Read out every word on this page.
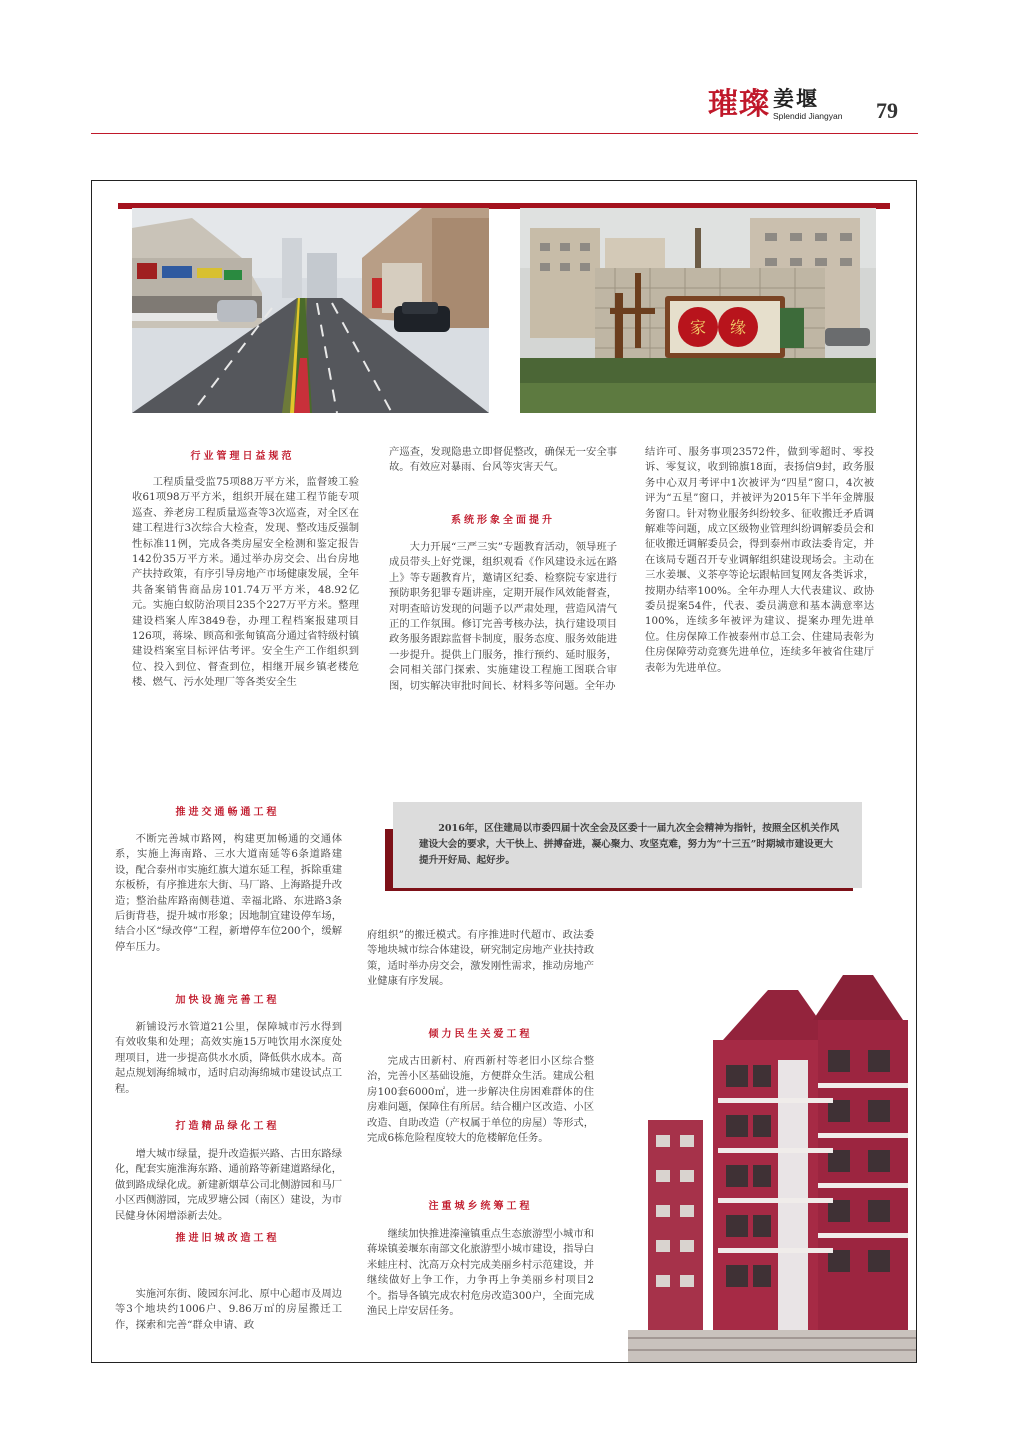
璀璨 姜堰
Splendid Jiangyan 79
家 缘
行业管理日益规范

工程质量受监75项88万平方米，监督竣工验收61项98万平方米，组织开展在建工程节能专项巡查、养老房工程质量巡查等3次巡查，对全区在建工程进行3次综合大检查，发现、整改违反强制性标准11例，完成各类房屋安全检测和鉴定报告142份35万平方米。通过举办房交会、出台房地产扶持政策，有序引导房地产市场健康发展，全年共备案销售商品房101.74万平方米，48.92亿元。实施白蚁防治项目235个227万平方米。整理建设档案人库3849卷，办理工程档案报建项目126项，蒋垛、顾高和张甸镇高分通过省特级村镇建设档案室目标评估考评。安全生产工作组织到位、投入到位、督查到位，相继开展乡镇老楼危楼、燃气、污水处理厂等各类安全生

产巡查，发现隐患立即督促整改，确保无一安全事故。有效应对暴雨、台风等灾害天气。

系统形象全面提升

大力开展“三严三实”专题教育活动，领导班子成员带头上好党课，组织观看《作风建设永远在路上》等专题教育片，邀请区纪委、检察院专家进行预防职务犯罪专题讲座，定期开展作风效能督查，对明查暗访发现的问题予以严肃处理，营造风清气正的工作氛围。修订完善考核办法，执行建设项目政务服务跟踪监督卡制度，服务态度、服务效能进一步提升。提供上门服务，推行预约、延时服务，会同相关部门探索、实施建设工程施工图联合审图，切实解决审批时间长、材料多等问题。全年办

结许可、服务事项23572件，做到零超时、零投诉、零复议，收到锦旗18面，表扬信9封，政务服务中心双月考评中1次被评为“四星”窗口，4次被评为“五星”窗口，并被评为2015年下半年金牌服务窗口。针对物业服务纠纷较多、征收搬迁矛盾调解难等问题，成立区级物业管理纠纷调解委员会和征收搬迁调解委员会，得到泰州市政法委肯定，并在该局专题召开专业调解组织建设现场会。主动在三水姜堰、义茶亭等论坛跟帖回复网友各类诉求，按期办结率100%。全年办理人大代表建议、政协委员提案54件，代表、委员满意和基本满意率达100%，连续多年被评为建议、提案办理先进单位。住房保障工作被泰州市总工会、住建局表彰为住房保障劳动竞赛先进单位，连续多年被省住建厅表彰为先进单位。

2016年，区住建局以市委四届十次全会及区委十一届九次全会精神为指针，按照全区机关作风建设大会的要求，大干快上、拼搏奋进，凝心聚力、攻坚克难，努力为“十三五”时期城市建设更大提升开好局、起好步。

推进交通畅通工程

不断完善城市路网，构建更加畅通的交通体系，实施上海南路、三水大道南延等6条道路建设，配合泰州市实施红旗大道东延工程，拆除重建东板桥，有序推进东大街、马厂路、上海路提升改造；整治盐库路南侧巷道、幸福北路、东进路3条后街背巷，提升城市形象；因地制宜建设停车场，结合小区“绿改停”工程，新增停车位200个，缓解停车压力。

加快设施完善工程

新铺设污水管道21公里，保障城市污水得到有效收集和处理；高效实施15万吨饮用水深度处理项目，进一步提高供水水质，降低供水成本。高起点规划海绵城市，适时启动海绵城市建设试点工程。

打造精品绿化工程

增大城市绿量，提升改造振兴路、古田东路绿化，配套实施淮海东路、通前路等新建道路绿化，做到路成绿化成。新建新烟草公司北侧游园和马厂小区西侧游园，完成罗塘公园（南区）建设，为市民健身休闲增添新去处。

推进旧城改造工程

实施河东街、陵园东河北、原中心超市及周边等3个地块约1006户、9.86万㎡的房屋搬迁工作，探索和完善“群众申请、政

府组织”的搬迁模式。有序推进时代超市、政法委等地块城市综合体建设，研究制定房地产业扶持政策，适时举办房交会，激发刚性需求，推动房地产业健康有序发展。

倾力民生关爱工程

完成古田新村、府西新村等老旧小区综合整治，完善小区基础设施，方便群众生活。建成公租房100套6000㎡，进一步解决住房困难群体的住房难问题，保障住有所居。结合棚户区改造、小区改造、自助改造（产权属于单位的房屋）等形式，完成6栋危险程度较大的危楼解危任务。

注重城乡统筹工程

继续加快推进溱潼镇重点生态旅游型小城市和蒋垛镇姜堰东南部文化旅游型小城市建设，指导白米蛙庄村、沈高万众村完成美丽乡村示范建设，并继续做好上争工作，力争再上争美丽乡村项目2个。指导各镇完成农村危房改造300户，全面完成渔民上岸安居任务。
